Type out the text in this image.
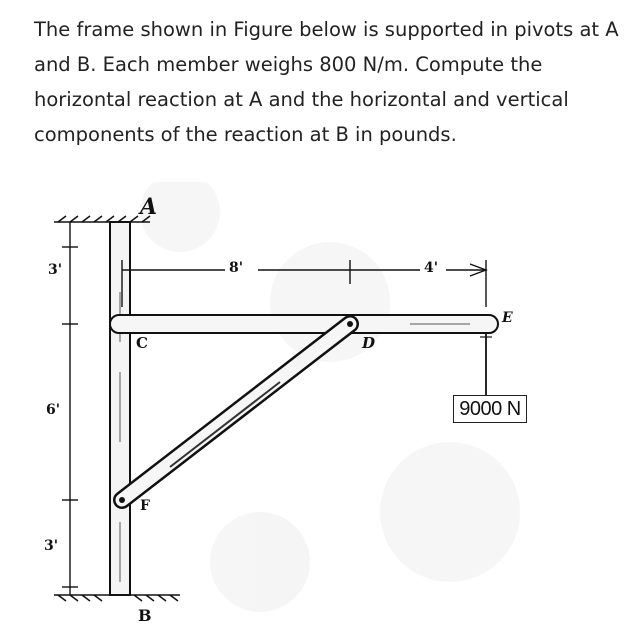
The frame shown in Figure below is supported in pivots at A and B. Each member weighs 800 N/m. Compute the horizontal reaction at A and the horizontal and vertical components of the reaction at B in pounds.

A
C	D
E
F
B
3'
6'
3'
8'	4'
9000 N
